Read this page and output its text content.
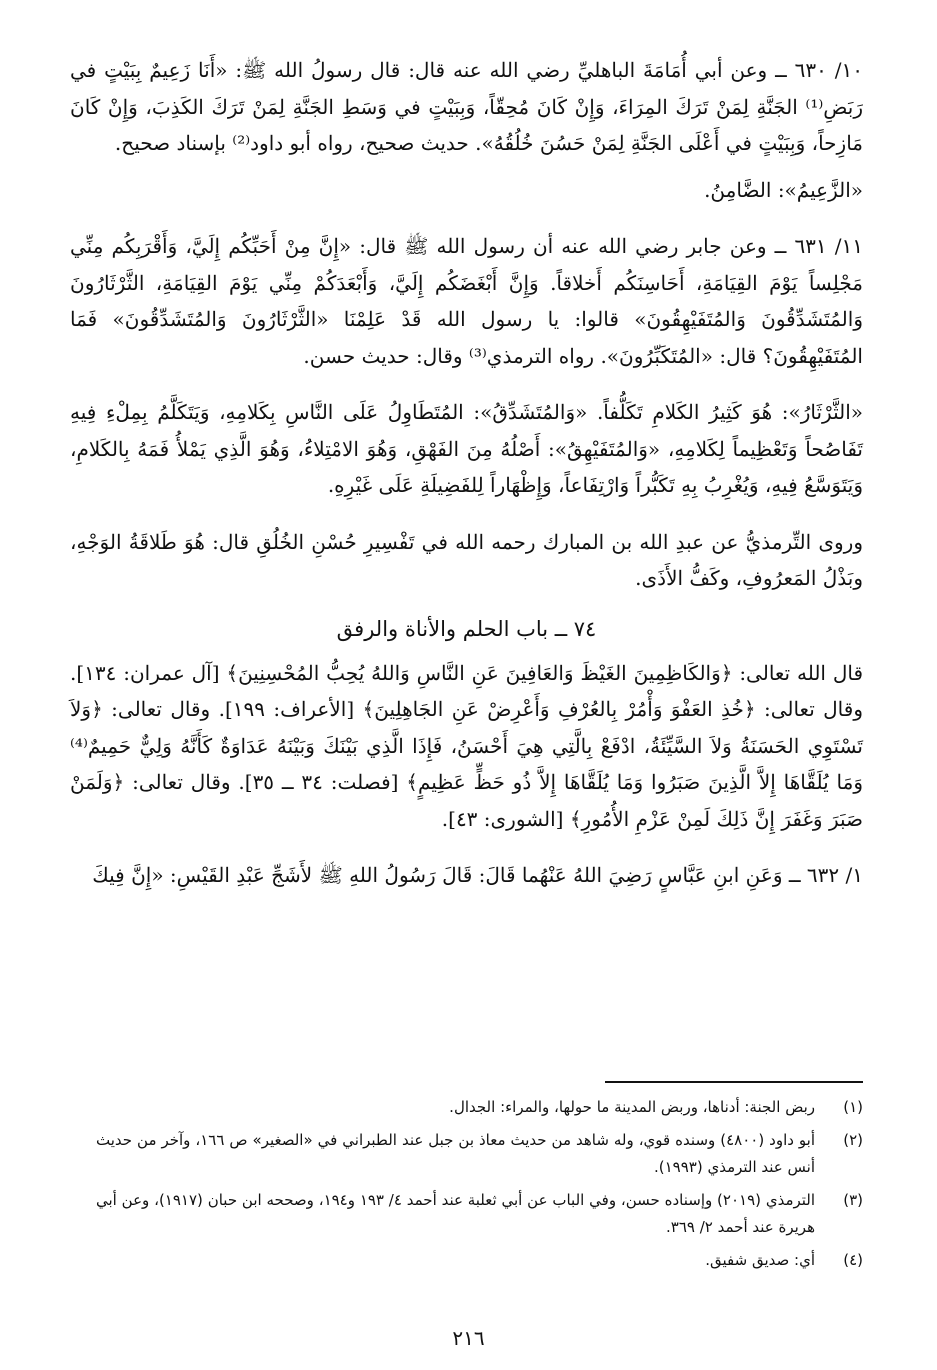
١٠/ ٦٣٠ ــ وعن أبي أُمَامَةَ الباهليِّ رضي الله عنه قال: قال رسولُ الله ﷺ: «أَنَا زَعِيمٌ بِبَيْتٍ في رَبَضِ⁽¹⁾ الجَنَّةِ لِمَنْ تَرَكَ المِرَاءَ، وَإِنْ كَانَ مُحِقّاً، وَبِبَيْتٍ في وَسَطِ الجَنَّةِ لِمَنْ تَرَكَ الكَذِبَ، وَإِنْ كَانَ مَازِحاً، وَبِبَيْتٍ في أَعْلَى الجَنَّةِ لِمَنْ حَسُنَ خُلُقُهُ». حديث صحيح، رواه أبو داود⁽²⁾ بإسناد صحيح.

«الزَّعِيمُ»: الضَّامِنُ.

١١/ ٦٣١ ــ وعن جابر رضي الله عنه أن رسول الله ﷺ قال: «إِنَّ مِنْ أَحَبِّكُم إِلَيَّ، وَأَقْرَبِكُم مِنِّي مَجْلِساً يَوْمَ القِيَامَةِ، أَحَاسِنَكُم أَخلاقاً. وَإِنَّ أَبْغَضَكُم إِلَيَّ، وَأَبْعَدَكُمْ مِنِّي يَوْمَ القِيَامَةِ، الثَّرْثَارُونَ وَالمُتَشَدِّقُونَ وَالمُتَفَيْهِقُونَ» قالوا: يا رسول الله قَدْ عَلِمْنَا «الثَّرْثَارُونَ وَالمُتَشَدِّقُونَ» فَمَا المُتَفَيْهِقُونَ؟ قال: «المُتَكَبِّرُونَ». رواه الترمذي⁽³⁾ وقال: حديث حسن.

«الثَّرْثَارُ»: هُوَ كَثِيرُ الكَلامِ تَكَلُّفاً. «وَالمُتَشَدِّقُ»: المُتَطَاوِلُ عَلَى النَّاسِ بِكَلامِهِ، وَيَتَكَلَّمُ بِمِلْءِ فِيهِ تَفَاصُحاً وَتَعْظِيماً لِكَلامِهِ، «وَالمُتَفَيْهِقُ»: أَصْلُهُ مِنَ الفَهْقِ، وَهُوَ الامْتِلاءُ، وَهُوَ الَّذِي يَمْلأُ فَمَهُ بِالكَلامِ، وَيَتَوَسَّعُ فِيهِ، وَيُغْرِبُ بِهِ تَكَبُّراً وَارْتِفَاعاً، وَإِظْهَاراً لِلفَضِيلَةِ عَلَى غَيْرِهِ.

وروى التِّرمذيُّ عن عبدِ الله بن المبارك رحمه الله في تَفْسِيرِ حُسْنِ الخُلُقِ قال: هُوَ طَلاقَةُ الوَجْهِ، وبَذْلُ المَعرُوفِ، وكَفُّ الأَذَى.

٧٤ ــ باب الحلم والأناة والرفق

قال الله تعالى: ﴿وَالكَاظِمِينَ الغَيْظَ وَالعَافِينَ عَنِ النَّاسِ وَاللهُ يُحِبُّ المُحْسِنِينَ﴾ [آل عمران: ١٣٤]. وقال تعالى: ﴿خُذِ العَفْوَ وَأْمُرْ بِالعُرْفِ وَأَعْرِضْ عَنِ الجَاهِلِينَ﴾ [الأعراف: ١٩٩]. وقال تعالى: ﴿وَلاَ تَسْتَوِي الحَسَنَةُ وَلاَ السَّيِّئَةُ، ادْفَعْ بِالَّتِي هِيَ أَحْسَنُ، فَإِذَا الَّذِي بَيْنَكَ وَبَيْنَهُ عَدَاوَةٌ كَأَنَّهُ وَلِيٌّ حَمِيمٌ⁽⁴⁾ وَمَا يُلَقَّاهَا إِلاَّ الَّذِينَ صَبَرُوا وَمَا يُلَقَّاهَا إِلاَّ ذُو حَظٍّ عَظِيمٍ﴾ [فصلت: ٣٤ ــ ٣٥]. وقال تعالى: ﴿وَلَمَنْ صَبَرَ وَغَفَرَ إِنَّ ذَلِكَ لَمِنْ عَزْمِ الأُمُورِ﴾ [الشورى: ٤٣].

١/ ٦٣٢ ــ وَعَنِ ابنِ عَبَّاسٍ رَضِيَ اللهُ عَنْهُما قَالَ: قَالَ رَسُولُ اللهِ ﷺ لأَشَجِّ عَبْدِ القَيْسِ: «إِنَّ فِيكَ

(١)
ربض الجنة: أدناها، وربض المدينة ما حولها، والمراء: الجدال.
(٢)
أبو داود (٤٨٠٠) وسنده قوي، وله شاهد من حديث معاذ بن جبل عند الطبراني في «الصغير» ص ١٦٦، وآخر من حديث أنس عند الترمذي (١٩٩٣).
(٣)
الترمذي (٢٠١٩) وإسناده حسن، وفي الباب عن أبي ثعلبة عند أحمد ٤/ ١٩٣ و١٩٤، وصححه ابن حبان (١٩١٧)، وعن أبي هريرة عند أحمد ٢/ ٣٦٩.
(٤)
أي: صديق شفيق.
٢١٦
